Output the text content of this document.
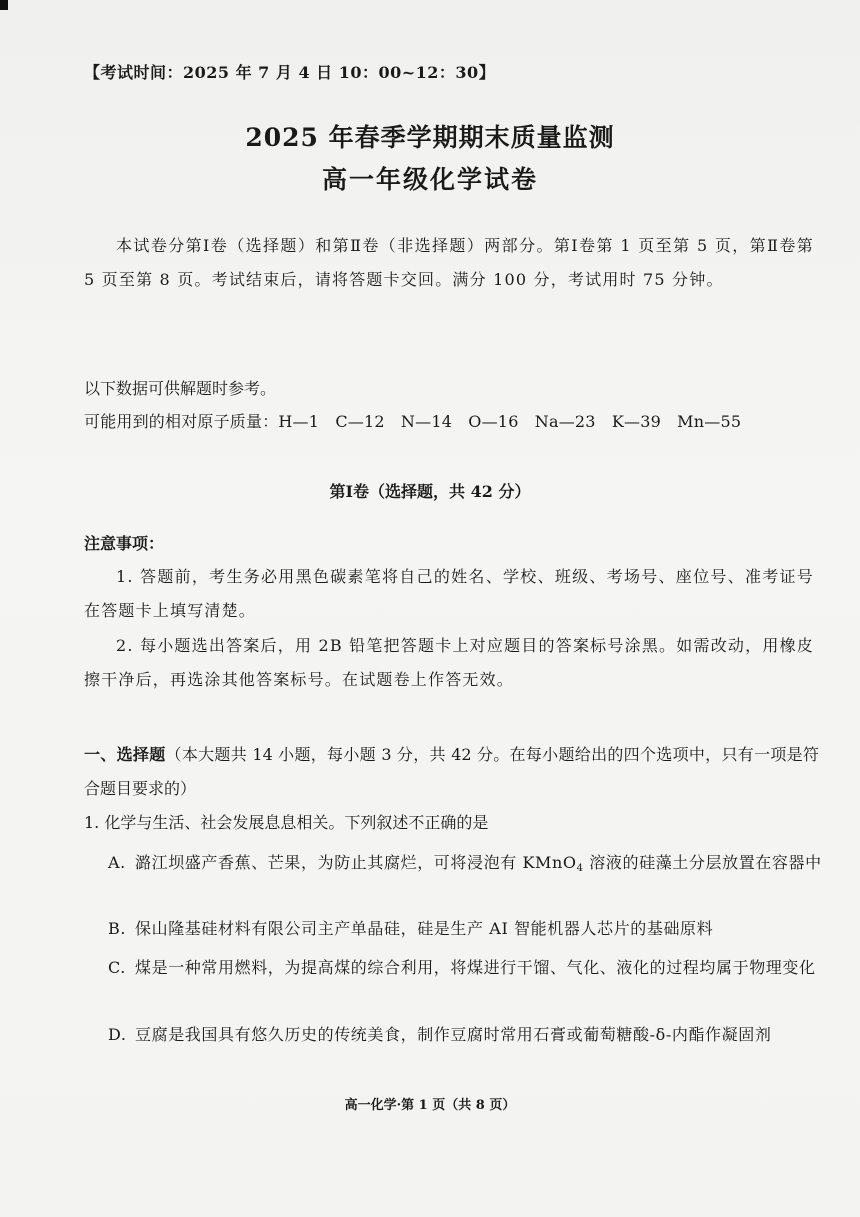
【考试时间：2025 年 7 月 4 日 10：00~12：30】
2025 年春季学期期末质量监测
高一年级化学试卷
本试卷分第Ⅰ卷（选择题）和第Ⅱ卷（非选择题）两部分。第Ⅰ卷第 1 页至第 5 页，第Ⅱ卷第 5 页至第 8 页。考试结束后，请将答题卡交回。满分 100 分，考试用时 75 分钟。
以下数据可供解题时参考。
可能用到的相对原子质量：H—1　C—12　N—14　O—16　Na—23　K—39　Mn—55
第Ⅰ卷（选择题，共 42 分）
注意事项：
1. 答题前，考生务必用黑色碳素笔将自己的姓名、学校、班级、考场号、座位号、准考证号在答题卡上填写清楚。
2. 每小题选出答案后，用 2B 铅笔把答题卡上对应题目的答案标号涂黑。如需改动，用橡皮擦干净后，再选涂其他答案标号。在试题卷上作答无效。
一、选择题（本大题共 14 小题，每小题 3 分，共 42 分。在每小题给出的四个选项中，只有一项是符合题目要求的）
1. 化学与生活、社会发展息息相关。下列叙述不正确的是
A. 潞江坝盛产香蕉、芒果，为防止其腐烂，可将浸泡有 KMnO$_4$ 溶液的硅藻土分层放置在容器中
B. 保山隆基硅材料有限公司主产单晶硅，硅是生产 AI 智能机器人芯片的基础原料
C. 煤是一种常用燃料，为提高煤的综合利用，将煤进行干馏、气化、液化的过程均属于物理变化
D. 豆腐是我国具有悠久历史的传统美食，制作豆腐时常用石膏或葡萄糖酸-δ-内酯作凝固剂
高一化学·第 1 页（共 8 页）
